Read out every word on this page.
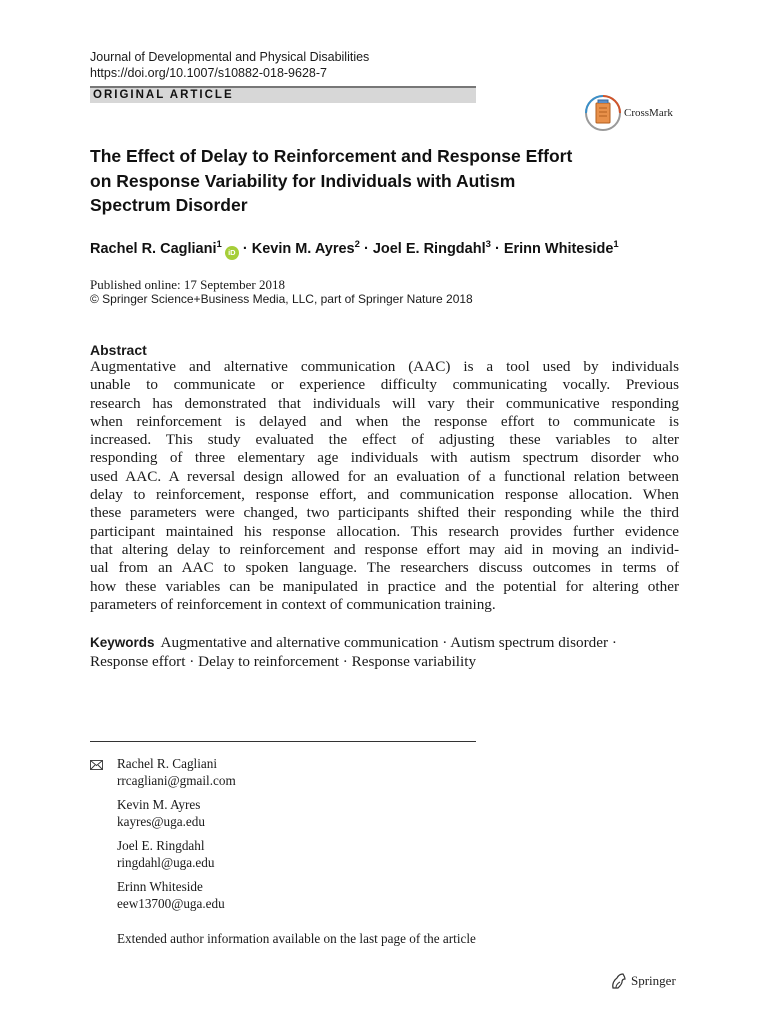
Journal of Developmental and Physical Disabilities
https://doi.org/10.1007/s10882-018-9628-7
ORIGINAL ARTICLE
CrossMark
The Effect of Delay to Reinforcement and Response Effort
on Response Variability for Individuals with Autism
Spectrum Disorder
Rachel R. Cagliani$^1$iD · Kevin M. Ayres$^2$ · Joel E. Ringdahl$^3$ · Erinn Whiteside$^1$
Published online: 17 September 2018
© Springer Science+Business Media, LLC, part of Springer Nature 2018
Abstract
Augmentative and alternative communication (AAC) is a tool used by individuals
unable to communicate or experience difficulty communicating vocally. Previous
research has demonstrated that individuals will vary their communicative responding
when reinforcement is delayed and when the response effort to communicate is
increased. This study evaluated the effect of adjusting these variables to alter
responding of three elementary age individuals with autism spectrum disorder who
used AAC. A reversal design allowed for an evaluation of a functional relation between
delay to reinforcement, response effort, and communication response allocation. When
these parameters were changed, two participants shifted their responding while the third
participant maintained his response allocation. This research provides further evidence
that altering delay to reinforcement and response effort may aid in moving an individ-
ual from an AAC to spoken language. The researchers discuss outcomes in terms of
how these variables can be manipulated in practice and the potential for altering other
parameters of reinforcement in context of communication training.
Keywords Augmentative and alternative communication · Autism spectrum disorder ·
Response effort · Delay to reinforcement · Response variability
Rachel R. Cagliani
rrcagliani@gmail.com
Kevin M. Ayres
kayres@uga.edu
Joel E. Ringdahl
ringdahl@uga.edu
Erinn Whiteside
eew13700@uga.edu
Extended author information available on the last page of the article
Springer
